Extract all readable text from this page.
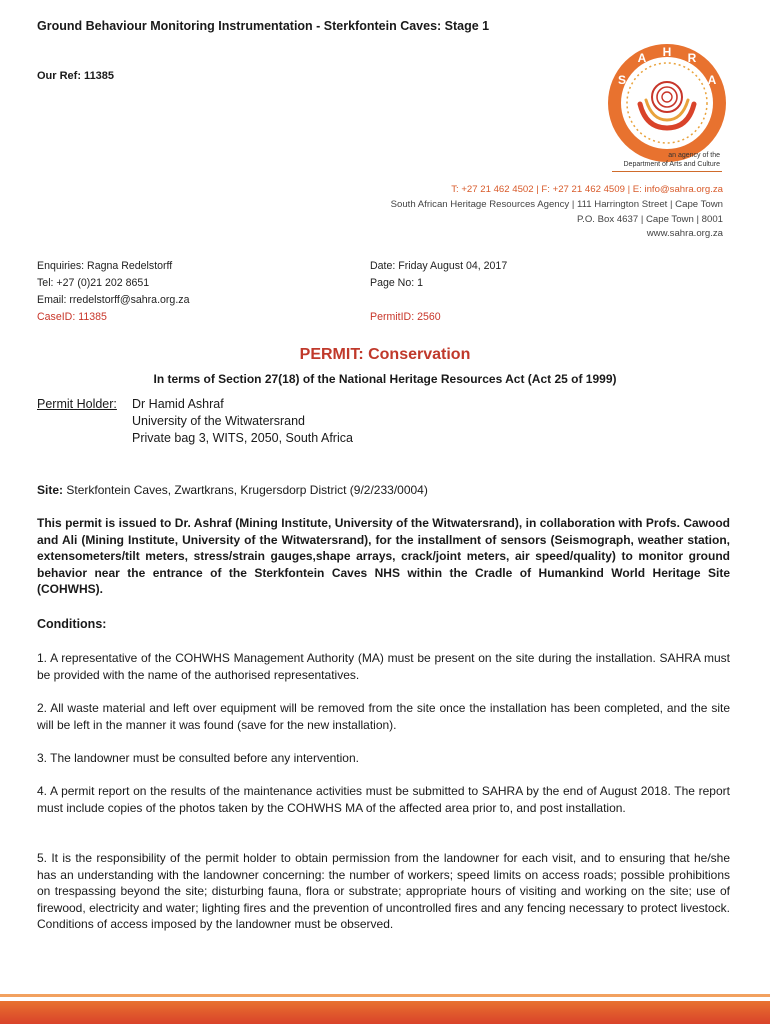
Ground Behaviour Monitoring Instrumentation - Sterkfontein Caves: Stage 1
Our Ref: 11385	S
A H R
A
an agency of the
Department of Arts and Culture
T: +27 21 462 4502 | F: +27 21 462 4509 | E: info@sahra.org.za
South African Heritage Resources Agency | 111 Harrington Street | Cape Town
P.O. Box 4637 | Cape Town | 8001
www.sahra.org.za
Enquiries: Ragna Redelstorff
Tel: +27 (0)21 202 8651
Email: rredelstorff@sahra.org.za
CaseID: 11385
Date: Friday August 04, 2017
Page No: 1
PermitID: 2560
PERMIT: Conservation
In terms of Section 27(18) of the National Heritage Resources Act (Act 25 of 1999)
Permit Holder: Dr Hamid Ashraf
University of the Witwatersrand
Private bag 3, WITS, 2050, South Africa
Site: Sterkfontein Caves, Zwartkrans, Krugersdorp District (9/2/233/0004)

This permit is issued to Dr. Ashraf (Mining Institute, University of the Witwatersrand), in collaboration with Profs. Cawood and Ali (Mining Institute, University of the Witwatersrand), for the installment of sensors (Seismograph, weather station, extensometers/tilt meters, stress/strain gauges,shape arrays, crack/joint meters, air speed/quality) to monitor ground behavior near the entrance of the Sterkfontein Caves NHS within the Cradle of Humankind World Heritage Site (COHWHS).

Conditions:

1. A representative of the COHWHS Management Authority (MA) must be present on the site during the installation. SAHRA must be provided with the name of the authorised representatives.

2. All waste material and left over equipment will be removed from the site once the installation has been completed, and the site will be left in the manner it was found (save for the new installation).

3. The landowner must be consulted before any intervention.

4. A permit report on the results of the maintenance activities must be submitted to SAHRA by the end of August 2018. The report must include copies of the photos taken by the COHWHS MA of the affected area prior to, and post installation.

5. It is the responsibility of the permit holder to obtain permission from the landowner for each visit, and to ensuring that he/she has an understanding with the landowner concerning: the number of workers; speed limits on access roads; possible prohibitions on trespassing beyond the site; disturbing fauna, flora or substrate; appropriate hours of visiting and working on the site; use of firewood, electricity and water; lighting fires and the prevention of uncontrolled fires and any fencing necessary to protect livestock. Conditions of access imposed by the landowner must be observed.
